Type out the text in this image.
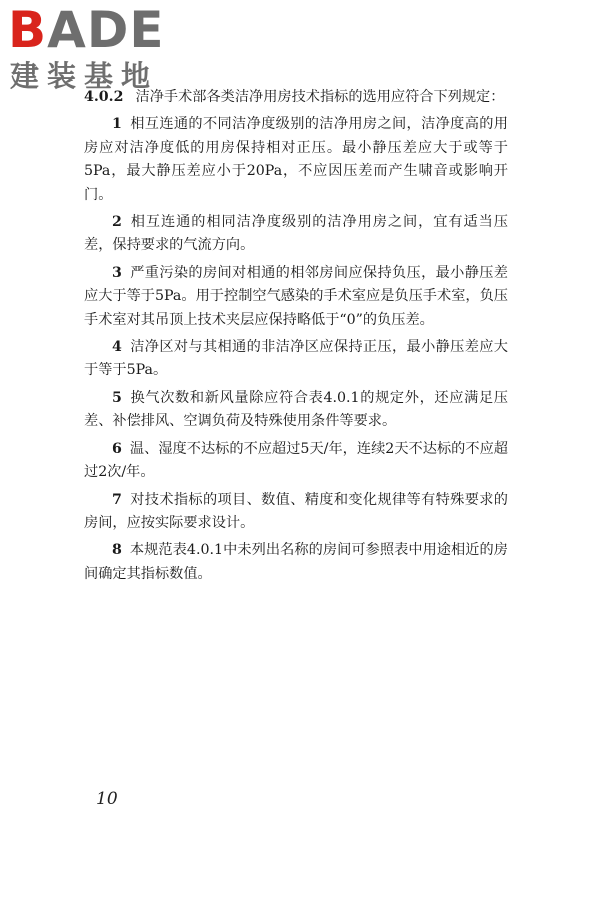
BADE
建装基地

4.0.2 洁净手术部各类洁净用房技术指标的选用应符合下列规定：

1 相互连通的不同洁净度级别的洁净用房之间，洁净度高的用房应对洁净度低的用房保持相对正压。最小静压差应大于或等于5Pa，最大静压差应小于20Pa，不应因压差而产生啸音或影响开门。

2 相互连通的相同洁净度级别的洁净用房之间，宜有适当压差，保持要求的气流方向。

3 严重污染的房间对相通的相邻房间应保持负压，最小静压差应大于等于5Pa。用于控制空气感染的手术室应是负压手术室，负压手术室对其吊顶上技术夹层应保持略低于“0”的负压差。

4 洁净区对与其相通的非洁净区应保持正压，最小静压差应大于等于5Pa。

5 换气次数和新风量除应符合表4.0.1的规定外，还应满足压差、补偿排风、空调负荷及特殊使用条件等要求。

6 温、湿度不达标的不应超过5天/年，连续2天不达标的不应超过2次/年。

7 对技术指标的项目、数值、精度和变化规律等有特殊要求的房间，应按实际要求设计。

8 本规范表4.0.1中未列出名称的房间可参照表中用途相近的房间确定其指标数值。

10
